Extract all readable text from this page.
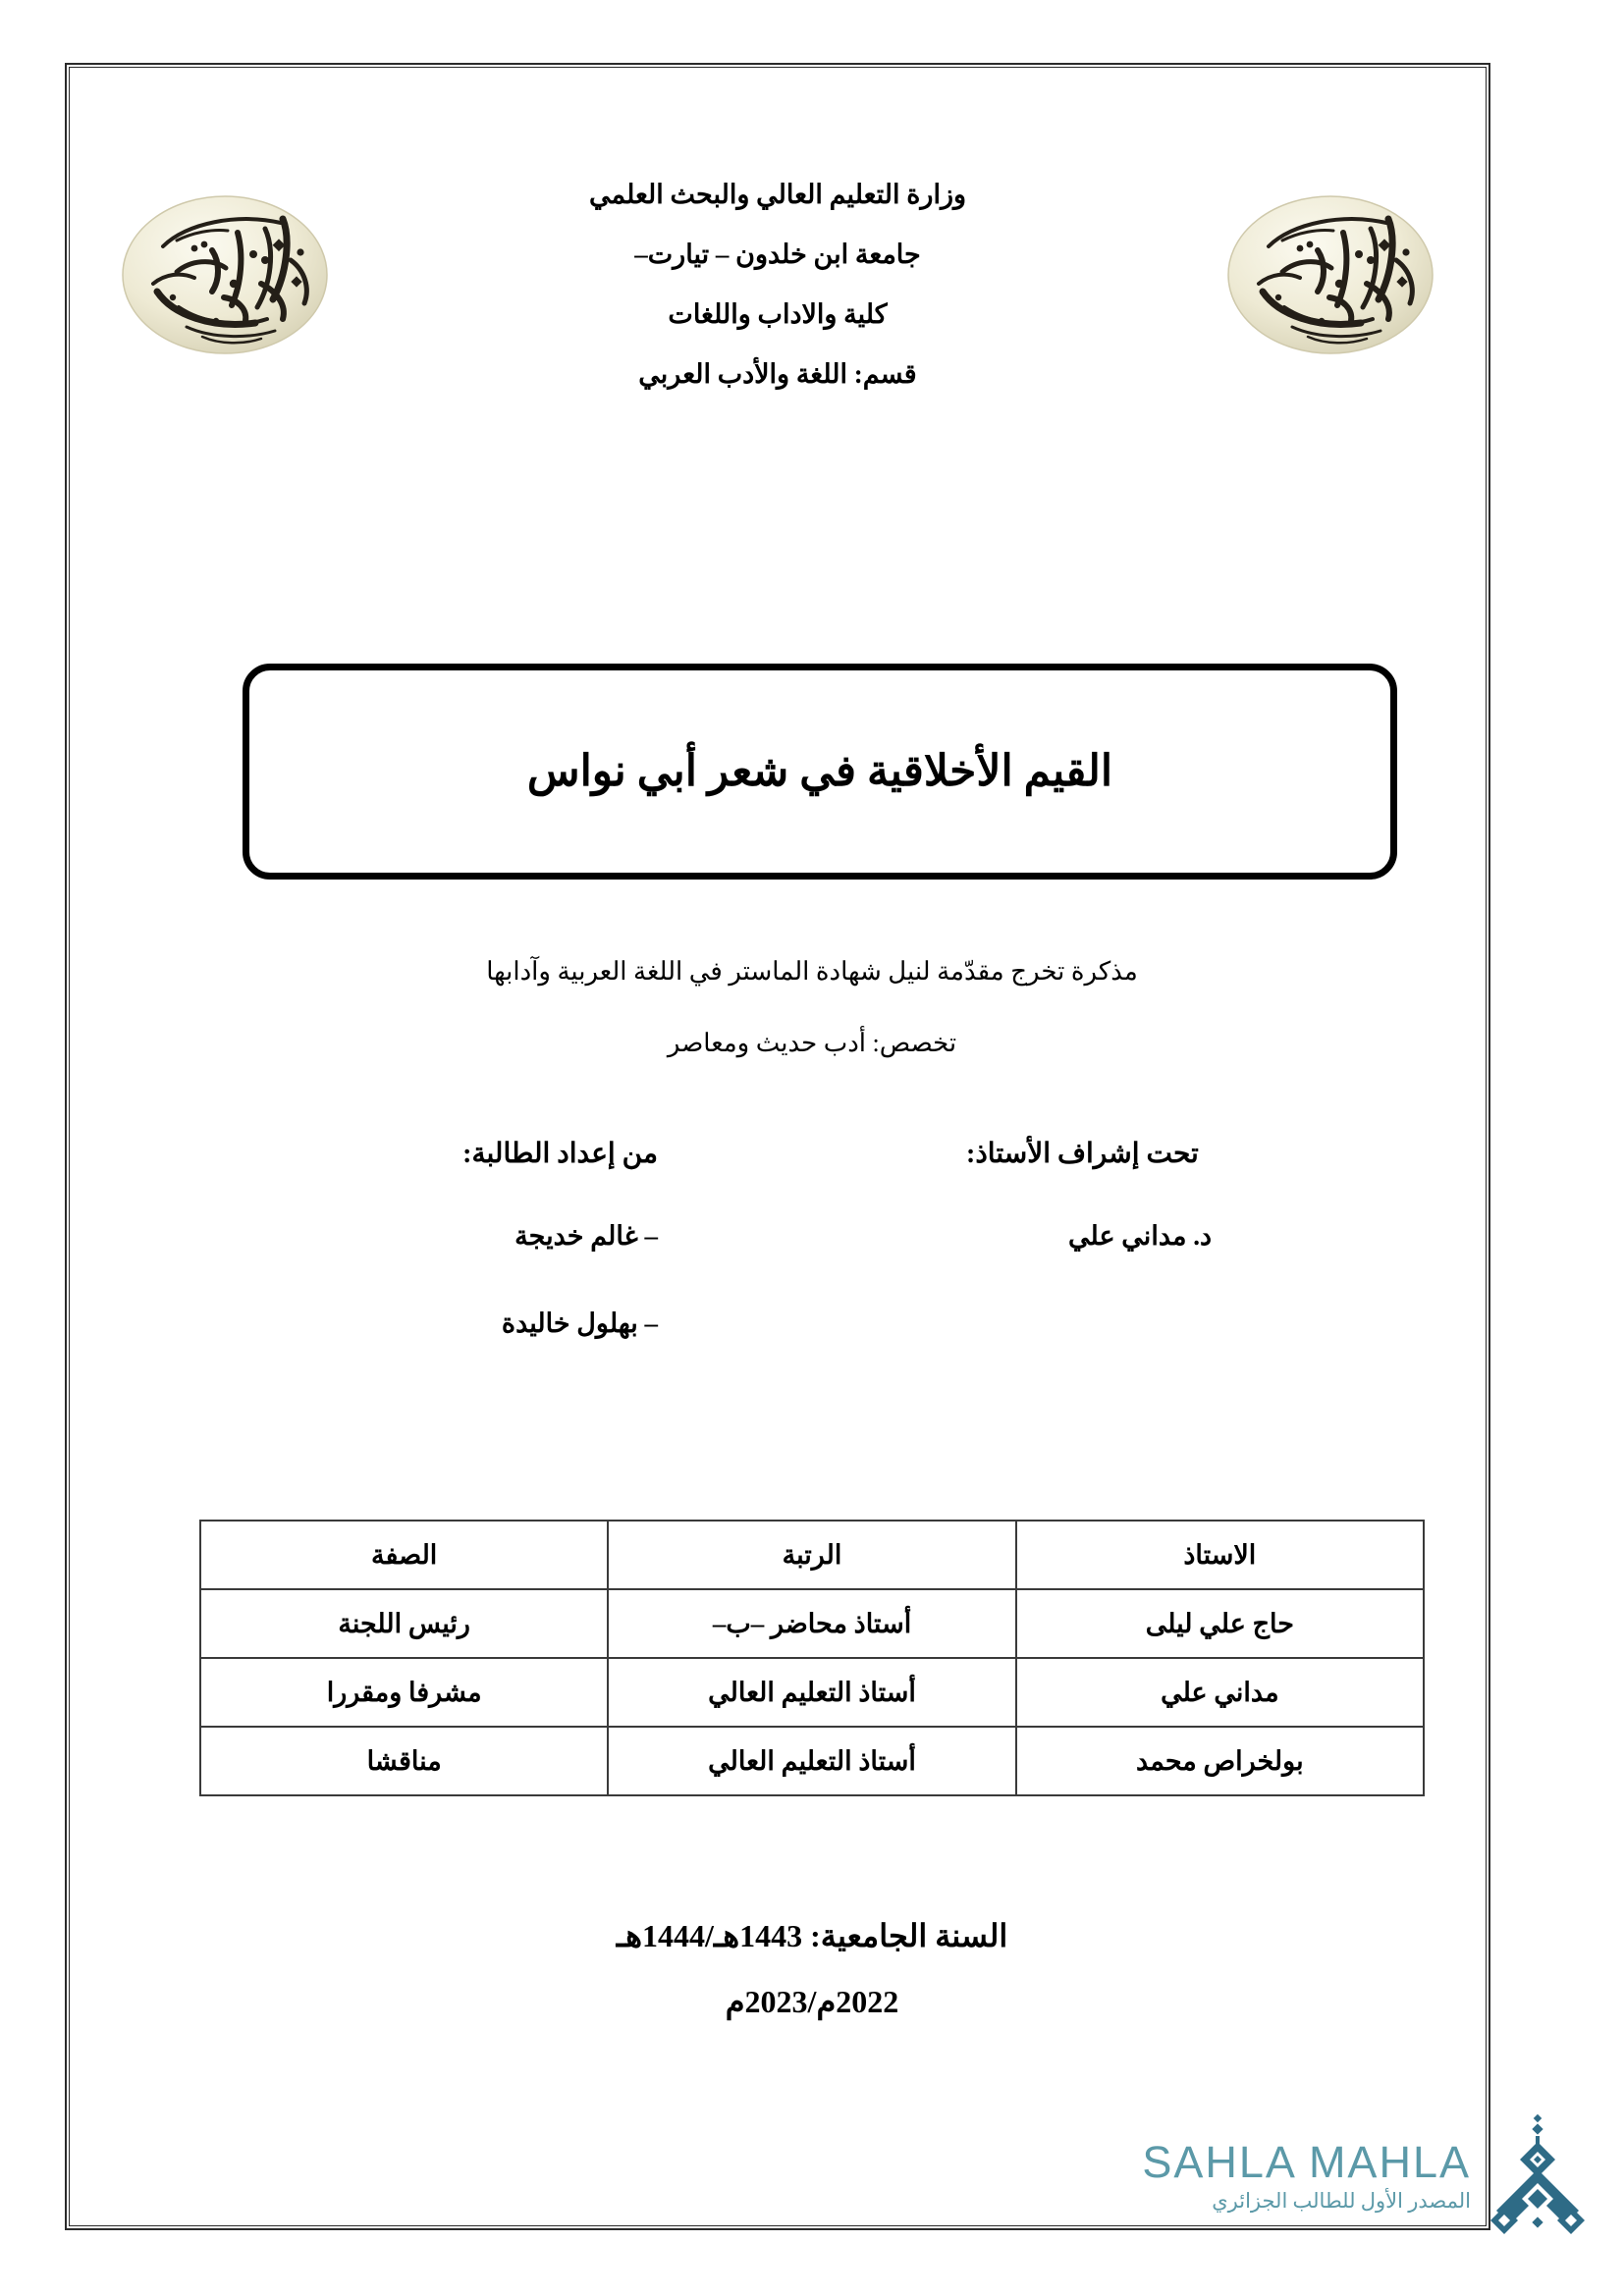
وزارة التعليم العالي والبحث العلمي
جامعة ابن خلدون – تيارت–
كلية والاداب واللغات
قسم: اللغة والأدب العربي
القيم الأخلاقية في شعر أبي نواس
مذكرة تخرج مقدّمة لنيل شهادة الماستر في اللغة العربية وآدابها
تخصص: أدب حديث ومعاصر
تحت إشراف الأستاذ:
د. مداني علي
من إعداد الطالبة:
– غالم خديجة
– بهلول خاليدة
الاستاذ	الرتبة	الصفة
حاج علي ليلى	أستاذ محاضر –ب–	رئيس اللجنة
مداني علي	أستاذ التعليم العالي	مشرفا ومقررا
بولخراص محمد	أستاذ التعليم العالي	مناقشا
السنة الجامعية: 1443هـ/1444هـ
2022م/2023م
SAHLA MAHLA
المصدر الأول للطالب الجزائري
